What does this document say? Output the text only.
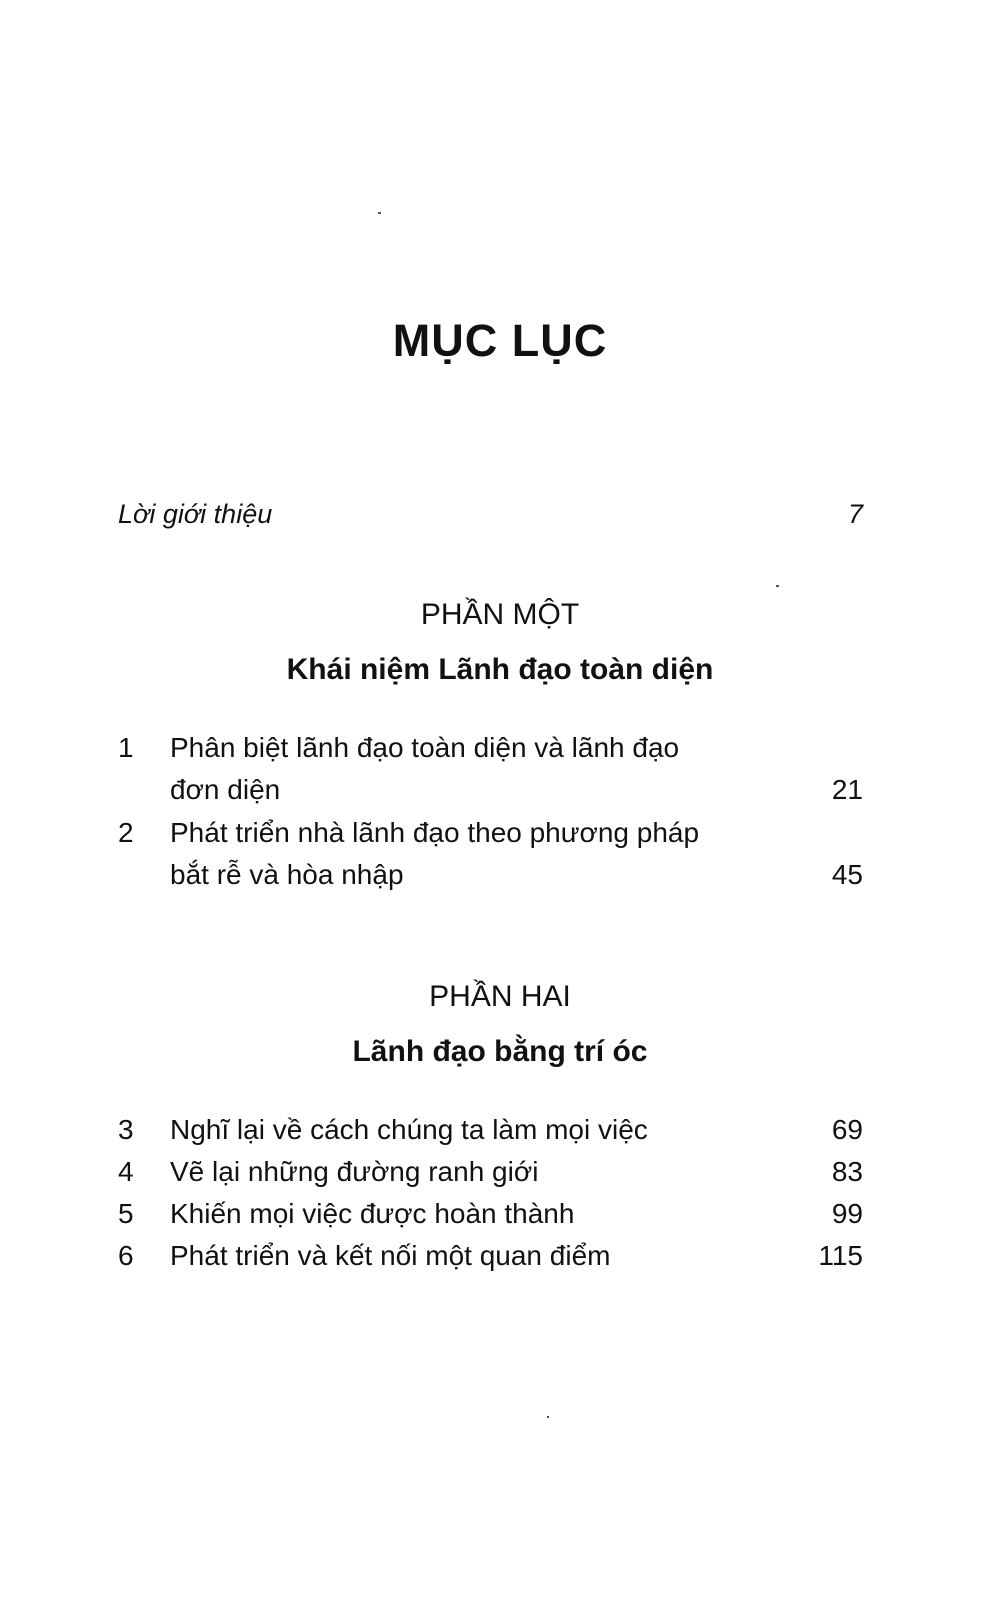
MỤC LỤC
Lời giới thiệu	7
PHẦN MỘT
Khái niệm Lãnh đạo toàn diện
1 Phân biệt lãnh đạo toàn diện và lãnh đạo
đơn diện	21
2 Phát triển nhà lãnh đạo theo phương pháp
bắt rễ và hòa nhập	45
PHẦN HAI
Lãnh đạo bằng trí óc
3 Nghĩ lại về cách chúng ta làm mọi việc	69
4 Vẽ lại những đường ranh giới	83
5 Khiến mọi việc được hoàn thành	99
6 Phát triển và kết nối một quan điểm	115
